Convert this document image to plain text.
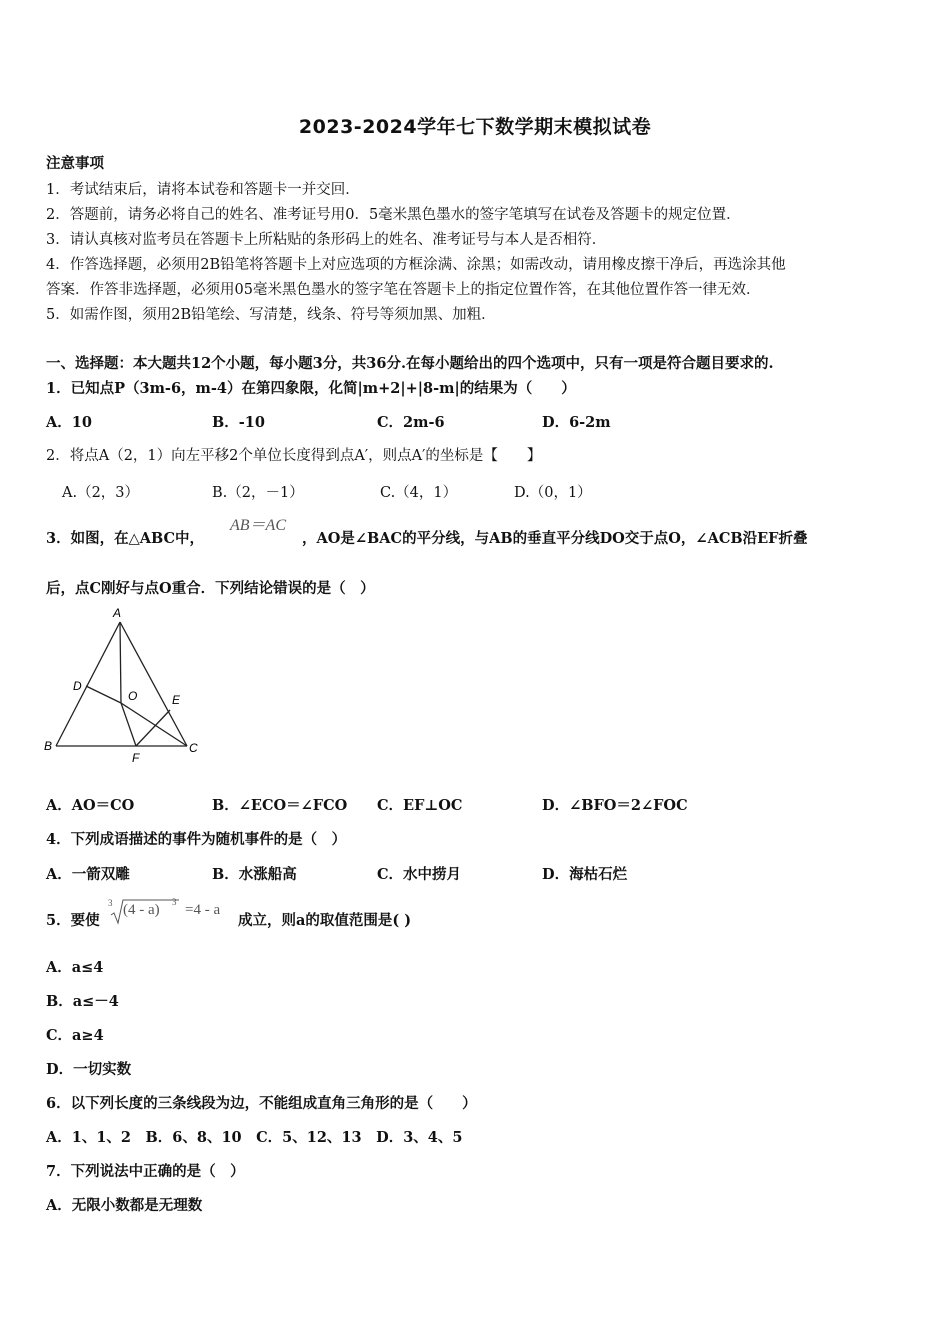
2023-2024学年七下数学期末模拟试卷
注意事项
1．考试结束后，请将本试卷和答题卡一并交回．
2．答题前，请务必将自己的姓名、准考证号用0．5毫米黑色墨水的签字笔填写在试卷及答题卡的规定位置．
3．请认真核对监考员在答题卡上所粘贴的条形码上的姓名、准考证号与本人是否相符．
4．作答选择题，必须用2B铅笔将答题卡上对应选项的方框涂满、涂黑；如需改动，请用橡皮擦干净后，再选涂其他
答案．作答非选择题，必须用05毫米黑色墨水的签字笔在答题卡上的指定位置作答，在其他位置作答一律无效．
5．如需作图，须用2B铅笔绘、写清楚，线条、符号等须加黑、加粗．
一、选择题：本大题共12个小题，每小题3分，共36分.在每小题给出的四个选项中，只有一项是符合题目要求的.
1．已知点P（3m-6，m-4）在第四象限，化简|m+2|+|8-m|的结果为（　　）
A．10	B．-10	C．2m-6	D．6-2m
2．将点A（2，1）向左平移2个单位长度得到点A′，则点A′的坐标是【　　】
A.（2，3）	B.（2，－1）	C.（4，1）	D.（0，1）
3．如图，在△ABC中，
AB＝AC
，AO是∠BAC的平分线，与AB的垂直平分线DO交于点O，∠ACB沿EF折叠
后，点C刚好与点O重合．下列结论错误的是（　）
A
D
O	E
B
F
C
A．AO＝CO	B．∠ECO＝∠FCO C．EF⊥OC	D．∠BFO＝2∠FOC
4．下列成语描述的事件为随机事件的是（　）
A．一箭双雕	B．水涨船高	C．水中捞月	D．海枯石烂
5．要使
3 (4 - a) 3 =4 - a
成立，则a的取值范围是( )
A．a≤4
B．a≤－4
C．a≥4
D．一切实数
6．以下列长度的三条线段为边，不能组成直角三角形的是（　　）
A．1、1、2　B．6、8、10　C．5、12、13　D．3、4、5
7．下列说法中正确的是（　）
A．无限小数都是无理数
